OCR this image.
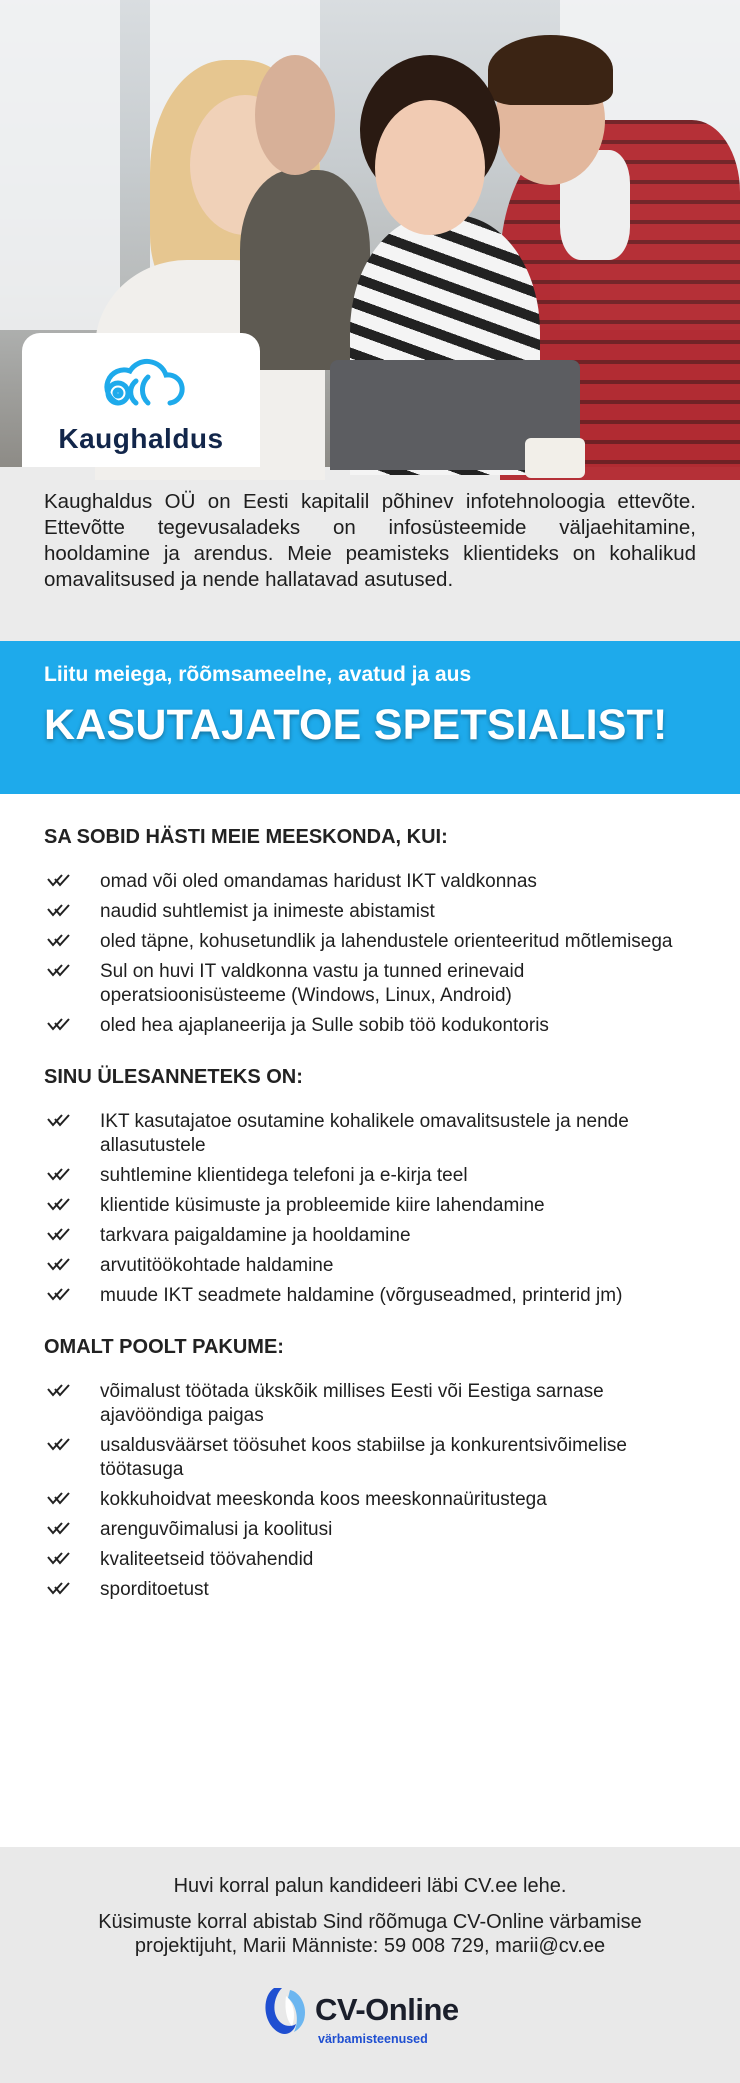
Kaughaldus

Kaughaldus OÜ on Eesti kapitalil põhinev infotehnoloogia ettevõte. Ettevõtte tegevusaladeks on infosüsteemide väljaehitamine, hooldamine ja arendus. Meie peamisteks klientideks on kohalikud omavalitsused ja nende hallatavad asutused.

Liitu meiega, rõõmsameelne, avatud ja aus
KASUTAJATOE SPETSIALIST!
SA SOBID HÄSTI MEIE MEESKONDA, KUI:
omad või oled omandamas haridust IKT valdkonnas
naudid suhtlemist ja inimeste abistamist
oled täpne, kohusetundlik ja lahendustele orienteeritud mõtlemisega
Sul on huvi IT valdkonna vastu ja tunned erinevaid operatsioonisüsteeme (Windows, Linux, Android)
oled hea ajaplaneerija ja Sulle sobib töö kodukontoris
SINU ÜLESANNETEKS ON:
IKT kasutajatoe osutamine kohalikele omavalitsustele ja nende allasutustele
suhtlemine klientidega telefoni ja e-kirja teel
klientide küsimuste ja probleemide kiire lahendamine
tarkvara paigaldamine ja hooldamine
arvutitöökohtade haldamine
muude IKT seadmete haldamine (võrguseadmed, printerid jm)
OMALT POOLT PAKUME:
võimalust töötada ükskõik millises Eesti või Eestiga sarnase ajavööndiga paigas
usaldusväärset töösuhet koos stabiilse ja konkurentsivõimelise töötasuga
kokkuhoidvat meeskonda koos meeskonnaüritustega
arenguvõimalusi ja koolitusi
kvaliteetseid töövahendid
sporditoetust
Huvi korral palun kandideeri läbi CV.ee lehe.
Küsimuste korral abistab Sind rõõmuga CV-Online värbamise projektijuht, Marii Männiste: 59 008 729, marii@cv.ee
CV-Online
värbamisteenused
